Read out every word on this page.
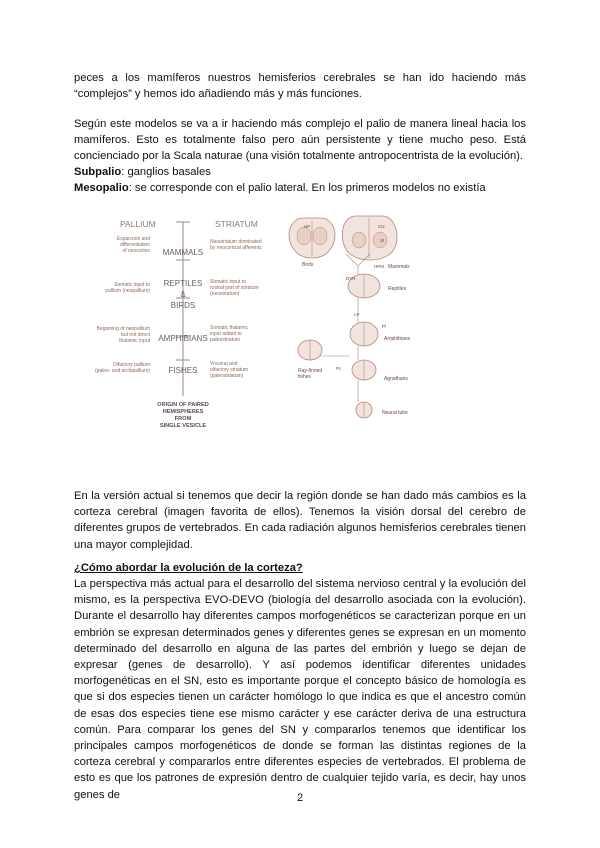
peces a los mamíferos nuestros hemisferios cerebrales se han ido haciendo más “complejos” y hemos ido añadiendo más y más funciones.

Según este modelos se va a ir haciendo más complejo el palio de manera lineal hacia los mamíferos. Esto es totalmente falso pero aún persistente y tiene mucho peso. Está concienciado por la Scala naturae (una visión totalmente antropocentrista de la evolución).

Subpalio: ganglios basales

Mesopalio: se corresponde con el palio lateral. En los primeros modelos no existía

PALLIUM	STRIATUM
MAMMALS
REPTILES
&
BIRDS
AMPHIBIANS
FISHES
Expansion and
differentiation
of neocortex
Somatic input to
pallium (neopallium)
Beginning of neopallium
but not direct
thalamic input
Olfactory pallium
(paleo- and archipallium)
Neostriatum dominated
by neocortical afferents
Somatic input to
rostral part of striatum
(neostriatum)
Somatic thalamic
input added to
paleostriatum
Visceral and
olfactory striatum
(paleostriatum)
ORIGIN OF PAIRED
HEMISPHERES
FROM
SINGLE VESICLE
HP
Birds
Ctx
St
Mammals
HPM
DVR
Reptiles
LP
Pl
Amphibians
Ray-finned
fishes	Agnathans
Neural tube
Pc

En la versión actual si tenemos que decir la región donde se han dado más cambios es la corteza cerebral (imagen favorita de ellos). Tenemos la visión dorsal del cerebro de diferentes grupos de vertebrados. En cada radiación algunos hemisferios cerebrales tienen una mayor complejidad.

¿Cómo abordar la evolución de la corteza?

La perspectiva más actual para el desarrollo del sistema nervioso central y la evolución del mismo, es la perspectiva EVO-DEVO (biología del desarrollo asociada con la evolución). Durante el desarrollo hay diferentes campos morfogenéticos se caracterizan porque en un embrión se expresan determinados genes y diferentes genes se expresan en un momento determinado del desarrollo en alguna de las partes del embrión y luego se dejan de expresar (genes de desarrollo). Y así podemos identificar diferentes unidades morfogenéticas en el SN, esto es importante porque el concepto básico de homología es que si dos especies tienen un carácter homólogo lo que indica es que el ancestro común de esas dos especies tiene ese mismo carácter y ese carácter deriva de una estructura común. Para comparar los genes del SN y compararlos tenemos que identificar los principales campos morfogenéticos de donde se forman las distintas regiones de la corteza cerebral y compararlos entre diferentes especies de vertebrados. El problema de esto es que los patrones de expresión dentro de cualquier tejido varía, es decir, hay unos genes de	2
